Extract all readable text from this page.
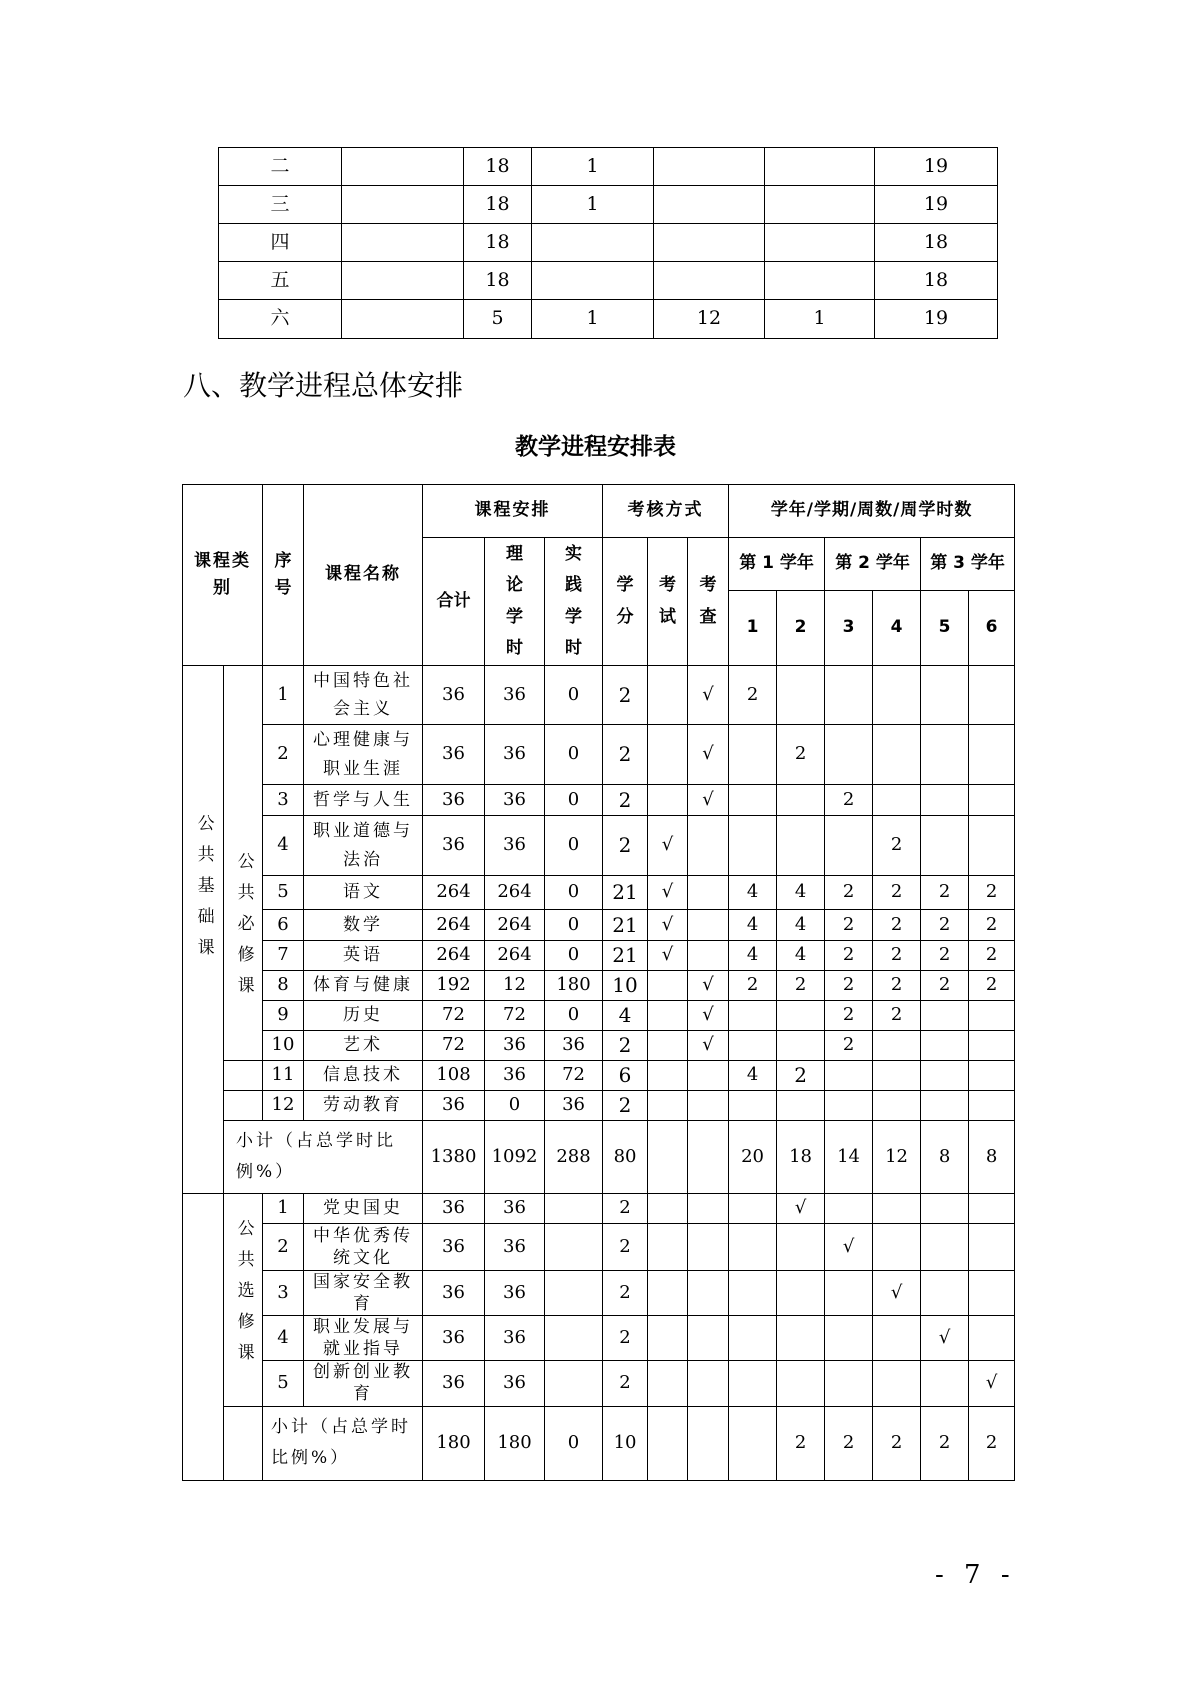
二		18	1			19
三		18	1			19
四		18				18
五		18				18
六		5	1	12	1	19
八、教学进程总体安排
教学进程安排表
课程类别		序号	课程名称	课程安排			考核方式			学年/学期/周数/周学时数					
				合计	理论学时	实践学时	学分	考试	考查	第 1 学年		第 2 学年		第 3 学年	
										1	2	3	4	5	6
公共基础课	公共必修课	1	中国特色社会主义	36	36	0	2		√	2					
		2	心理健康与职业生涯	36	36	0	2		√		2				
		3	哲学与人生	36	36	0	2		√			2			
		4	职业道德与法治	36	36	0	2	√					2		
		5	语文	264	264	0	21	√		4	4	2	2	2	2
		6	数学	264	264	0	21	√		4	4	2	2	2	2
		7	英语	264	264	0	21	√		4	4	2	2	2	2
		8	体育与健康	192	12	180	10		√	2	2	2	2	2	2
		9	历史	72	72	0	4		√			2	2		
		10	艺术	72	36	36	2		√			2			
		11	信息技术	108	36	72	6			4	2				
		12	劳动教育	36	0	36	2								
	小计（占总学时比例%）			1380	1092	288	80			20	18	14	12	8	8
	公共选修课	1	党史国史	36	36		2				√				
		2	中华优秀传统文化	36	36		2					√			
		3	国家安全教育	36	36		2						√		
		4	职业发展与就业指导	36	36		2							√	
		5	创新创业教育	36	36		2								√
		小计（占总学时比例%）		180	180	0	10				2	2	2	2	2
- 7 -
